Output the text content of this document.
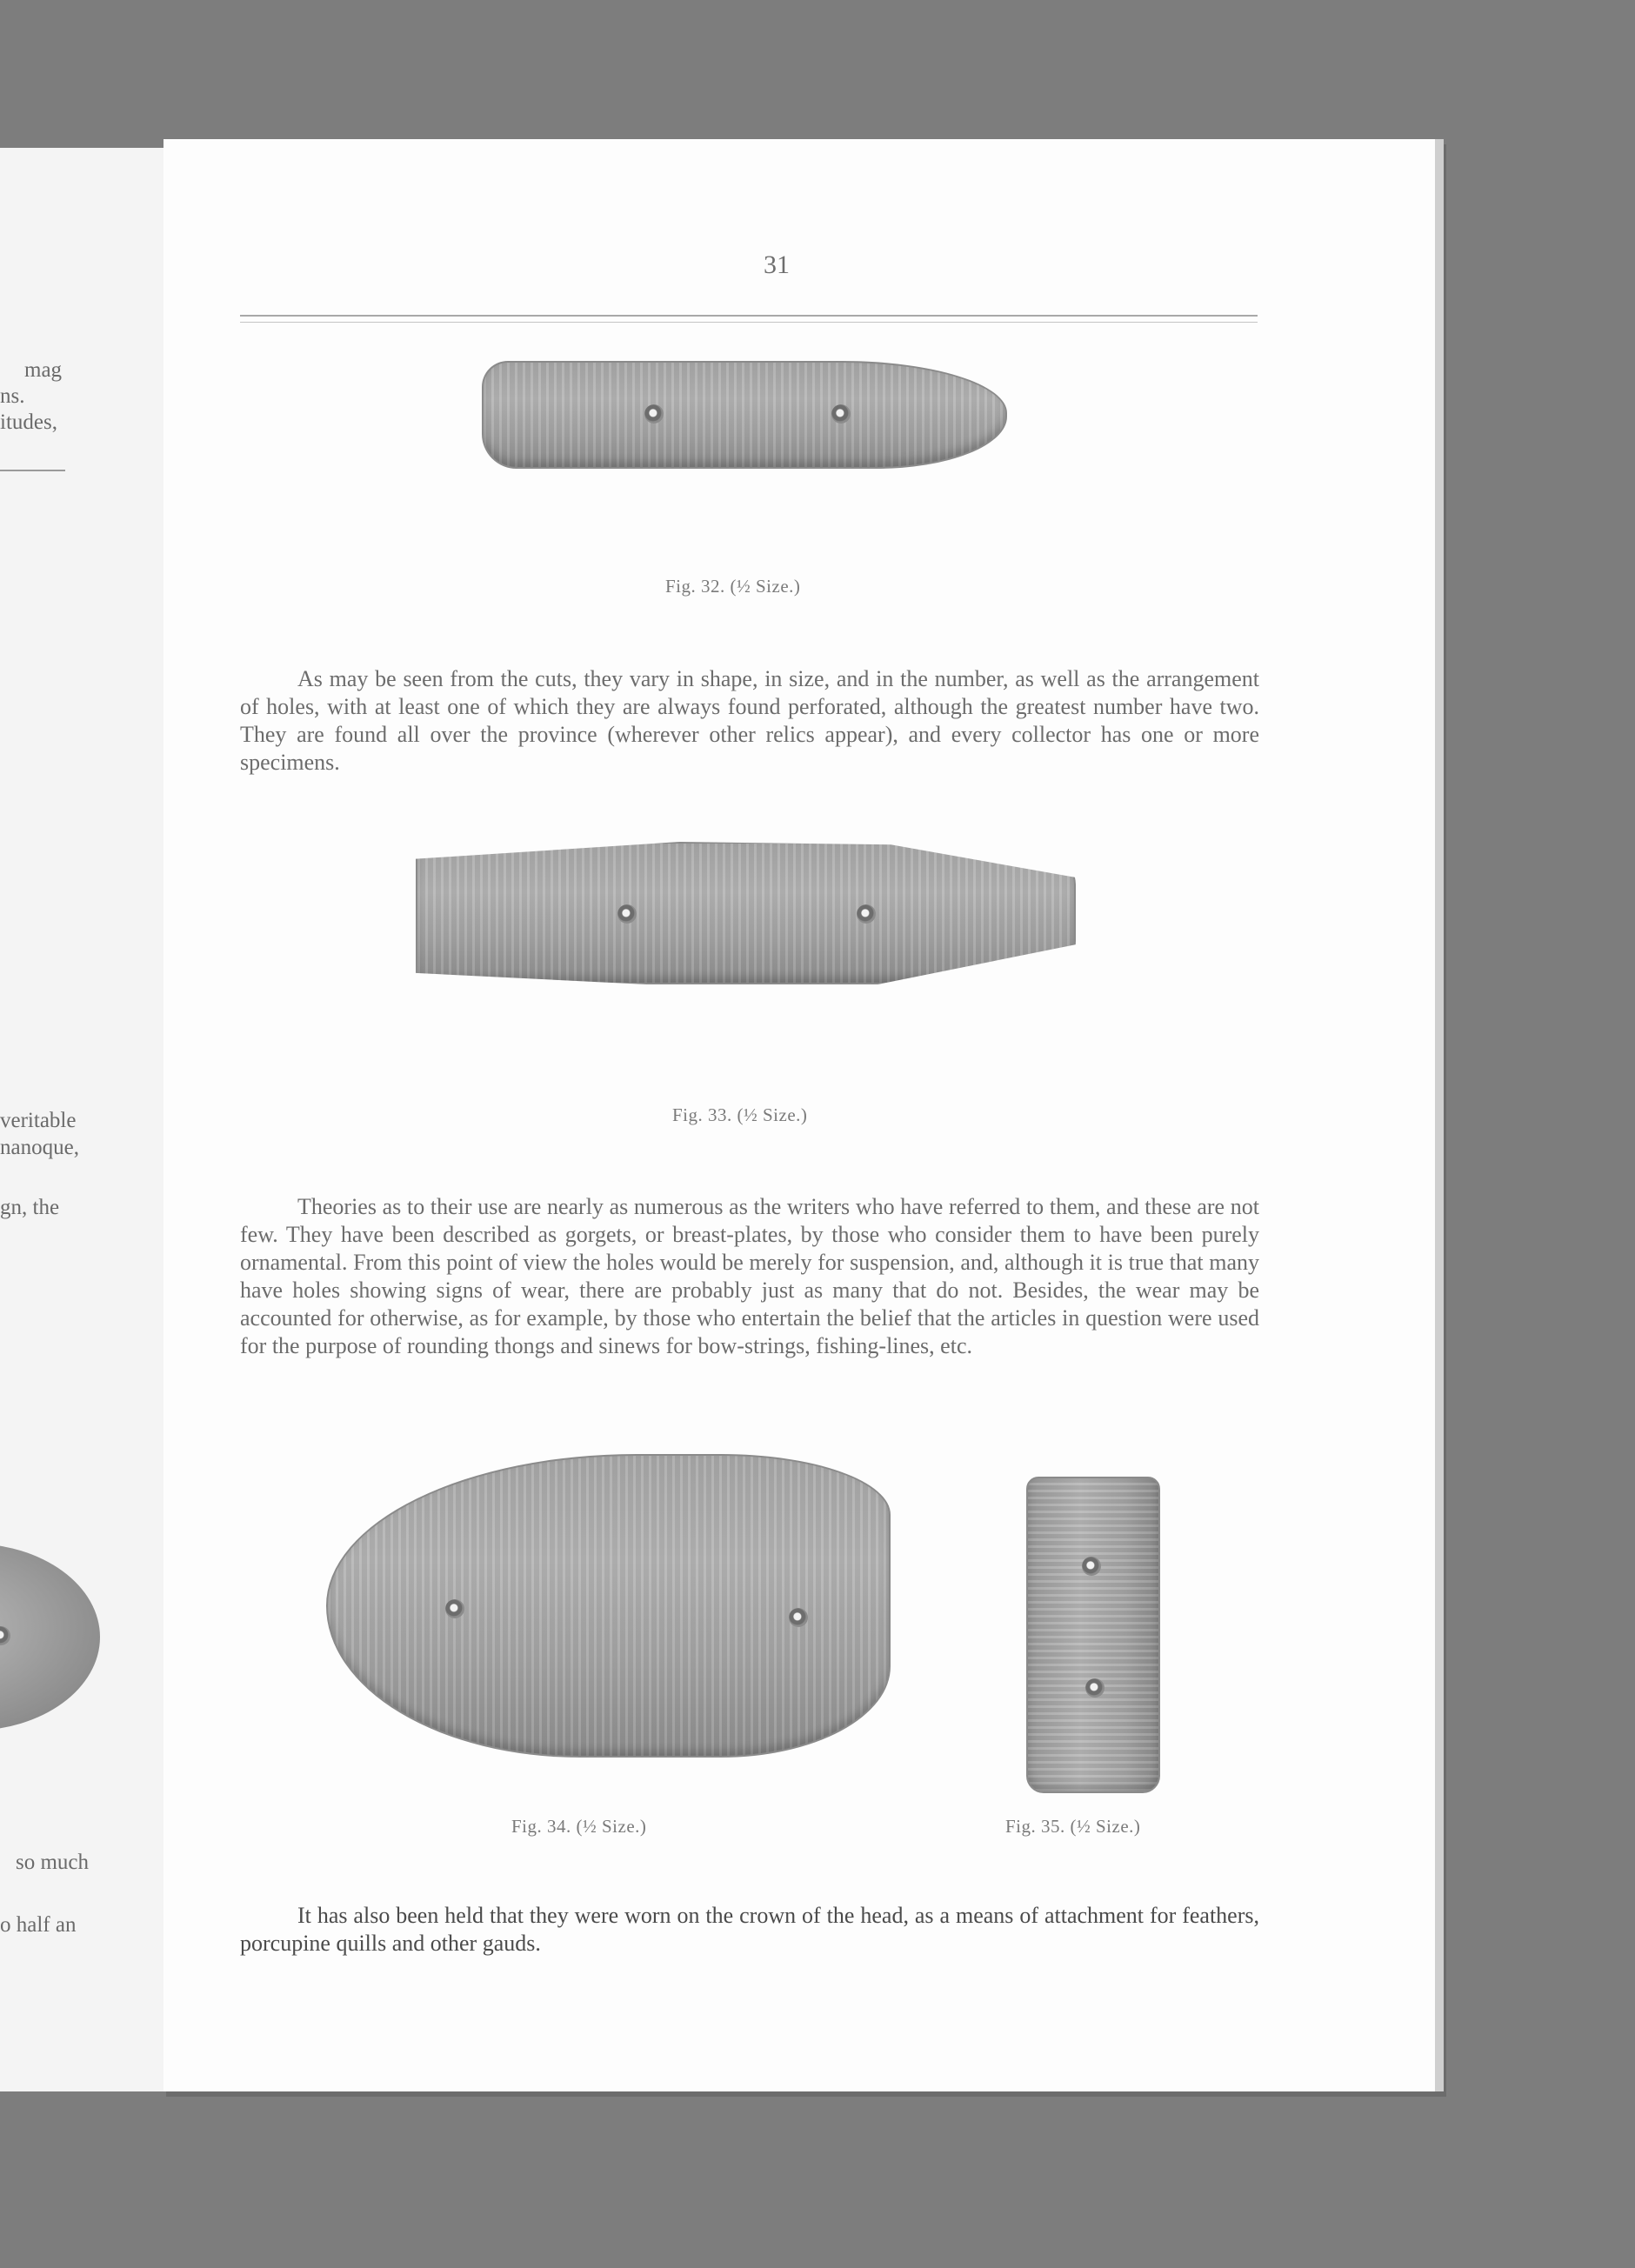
mag
ns.
itudes,
veritable
nanoque,
gn, the
so much
o half an
31
Fig. 32. (½ Size.)

As may be seen from the cuts, they vary in shape, in size, and in the number, as well as the arrangement of holes, with at least one of which they are always found perforated, although the greatest number have two. They are found all over the province (wherever other relics appear), and every collector has one or more specimens.

Fig. 33. (½ Size.)

Theories as to their use are nearly as numerous as the writers who have referred to them, and these are not few. They have been described as gorgets, or breast-plates, by those who consider them to have been purely ornamental. From this point of view the holes would be merely for suspension, and, although it is true that many have holes showing signs of wear, there are probably just as many that do not. Besides, the wear may be accounted for otherwise, as for example, by those who entertain the belief that the articles in question were used for the purpose of rounding thongs and sinews for bow-strings, fishing-lines, etc.

Fig. 34. (½ Size.)	Fig. 35. (½ Size.)

It has also been held that they were worn on the crown of the head, as a means of attachment for feathers, porcupine quills and other gauds.
